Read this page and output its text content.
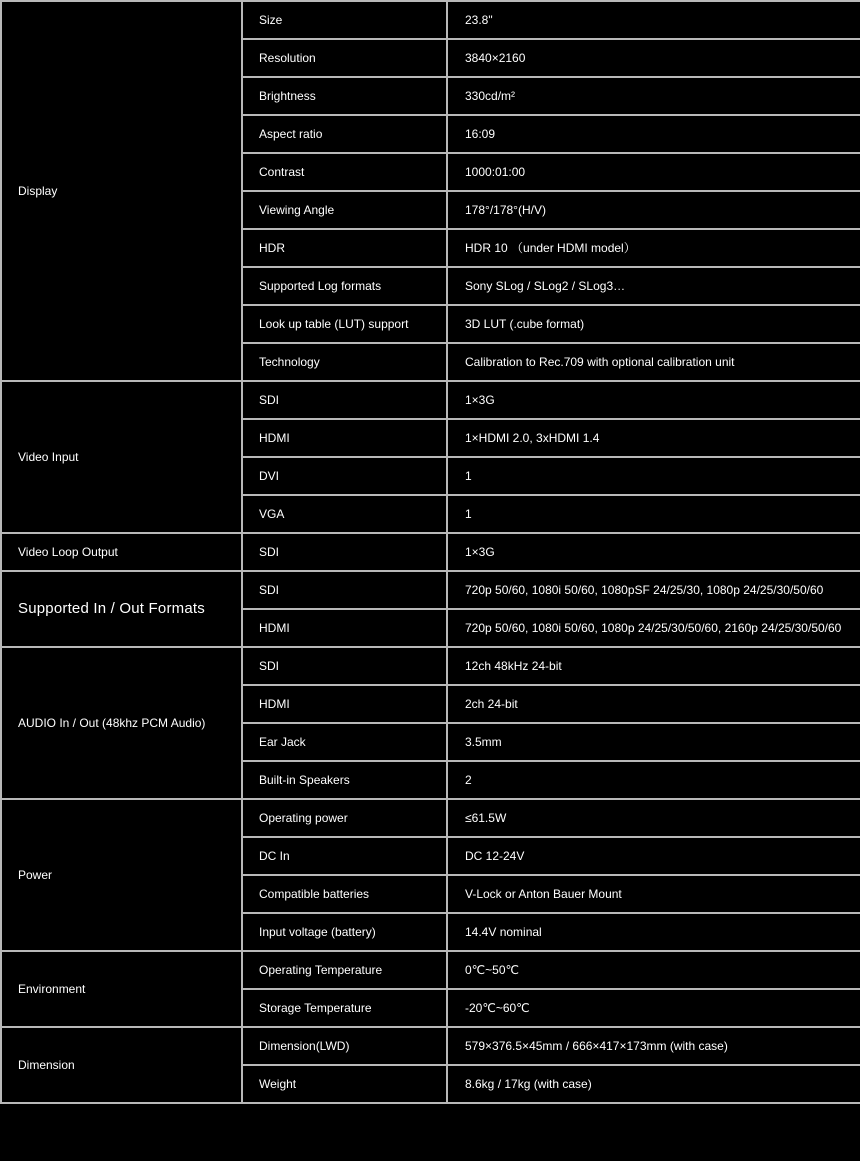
Display	Size	23.8"
	Resolution	3840×2160
	Brightness	330cd/m²
	Aspect ratio	16:09
	Contrast	1000:01:00
	Viewing Angle	178°/178°(H/V)
	HDR	HDR 10 （under HDMI model）
	Supported Log formats	Sony SLog / SLog2 / SLog3…
	Look up table (LUT) support	3D LUT (.cube format)
	Technology	Calibration to Rec.709 with optional calibration unit
Video Input	SDI	1×3G
	HDMI	1×HDMI 2.0, 3xHDMI 1.4
	DVI	1
	VGA	1
Video Loop Output	SDI	1×3G
Supported In / Out Formats	SDI	720p 50/60, 1080i 50/60, 1080pSF 24/25/30, 1080p 24/25/30/50/60
	HDMI	720p 50/60, 1080i 50/60, 1080p 24/25/30/50/60, 2160p 24/25/30/50/60
AUDIO In / Out (48khz PCM Audio)	SDI	12ch 48kHz 24-bit
	HDMI	2ch 24-bit
	Ear Jack	3.5mm
	Built-in Speakers	2
Power	Operating power	≤61.5W
	DC In	DC 12-24V
	Compatible batteries	V-Lock or Anton Bauer Mount
	Input voltage (battery)	14.4V nominal
Environment	Operating Temperature	0℃~50℃
	Storage Temperature	-20℃~60℃
Dimension	Dimension(LWD)	579×376.5×45mm / 666×417×173mm (with case)
	Weight	8.6kg / 17kg (with case)
